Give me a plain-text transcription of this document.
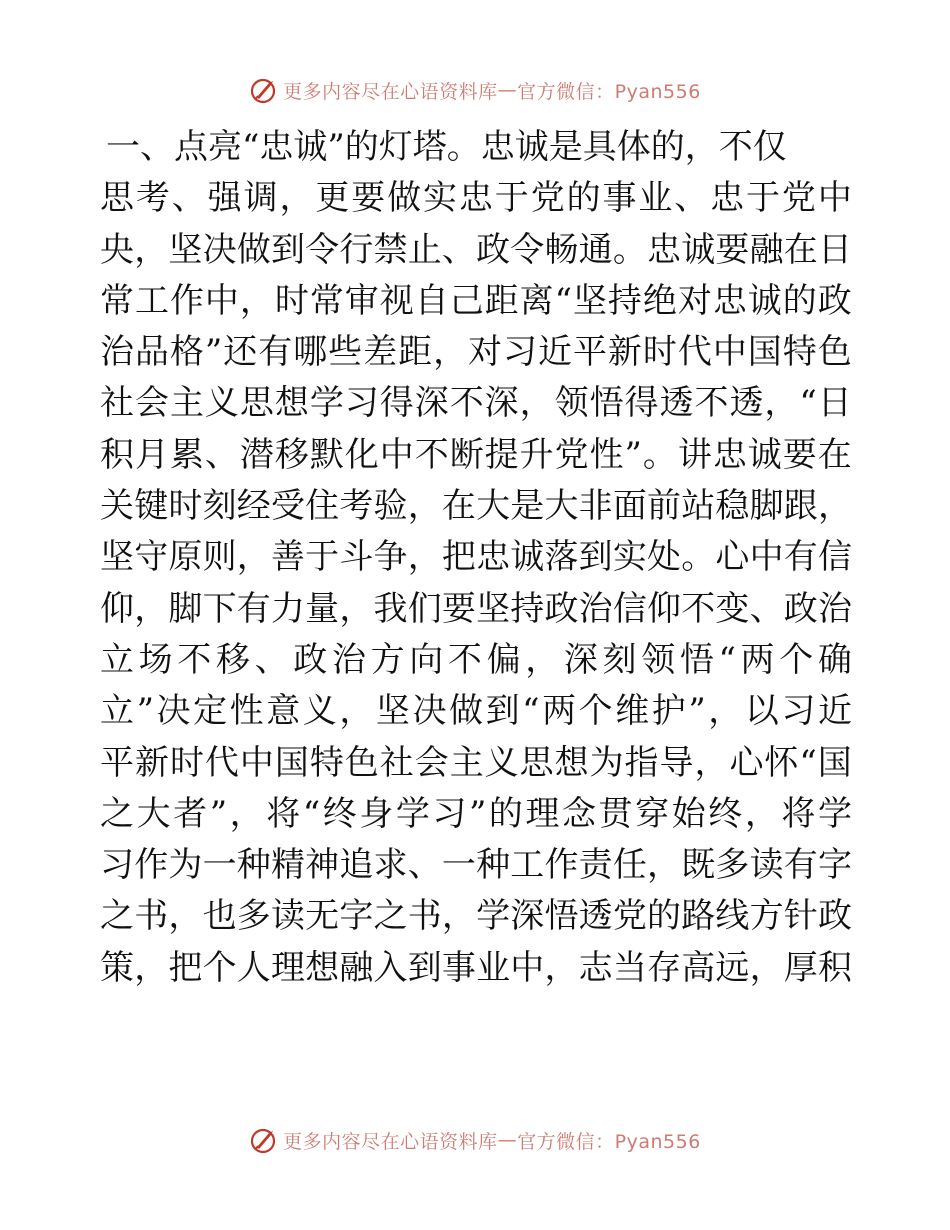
更多内容尽在心语资料库 — 官方微信：Pyan556
一 、 点 亮 “ 忠 诚 ” 的 灯 塔 。 忠 诚 是 具 体 的 ， 不 仅
思 考 、 强 调 ， 更 要 做 实 忠 于 党 的 事 业 、 忠 于 党 中
央 ， 坚 决 做 到 令 行 禁 止 、 政 令 畅 通 。 忠 诚 要 融 在 日
常 工 作 中 ， 时 常 审 视 自 己 距 离 “ 坚 持 绝 对 忠 诚 的 政
治 品 格 ” 还 有 哪 些 差 距 ， 对 习 近 平 新 时 代 中 国 特 色
社 会 主 义 思 想 学 习 得 深 不 深 ， 领 悟 得 透 不 透 ， “ 日
积 月 累 、 潜 移 默 化 中 不 断 提 升 党 性 ” 。 讲 忠 诚 要 在
关 键 时 刻 经 受 住 考 验 ， 在 大 是 大 非 面 前 站 稳 脚 跟 ，
坚 守 原 则 ， 善 于 斗 争 ， 把 忠 诚 落 到 实 处 。 心 中 有 信
仰 ， 脚 下 有 力 量 ， 我 们 要 坚 持 政 治 信 仰 不 变 、 政 治
立 场 不 移 、 政 治 方 向 不 偏 ， 深 刻 领 悟 “ 两 个 确
立 ” 决 定 性 意 义 ， 坚 决 做 到 “ 两 个 维 护 ” ， 以 习 近
平 新 时 代 中 国 特 色 社 会 主 义 思 想 为 指 导 ， 心 怀 “ 国
之 大 者 ” ， 将 “ 终 身 学 习 ” 的 理 念 贯 穿 始 终 ， 将 学
习 作 为 一 种 精 神 追 求 、 一 种 工 作 责 任 ， 既 多 读 有 字
之 书 ， 也 多 读 无 字 之 书 ， 学 深 悟 透 党 的 路 线 方 针 政
策 ， 把 个 人 理 想 融 入 到 事 业 中 ， 志 当 存 高 远 ， 厚 积
更多内容尽在心语资料库 — 官方微信：Pyan556
